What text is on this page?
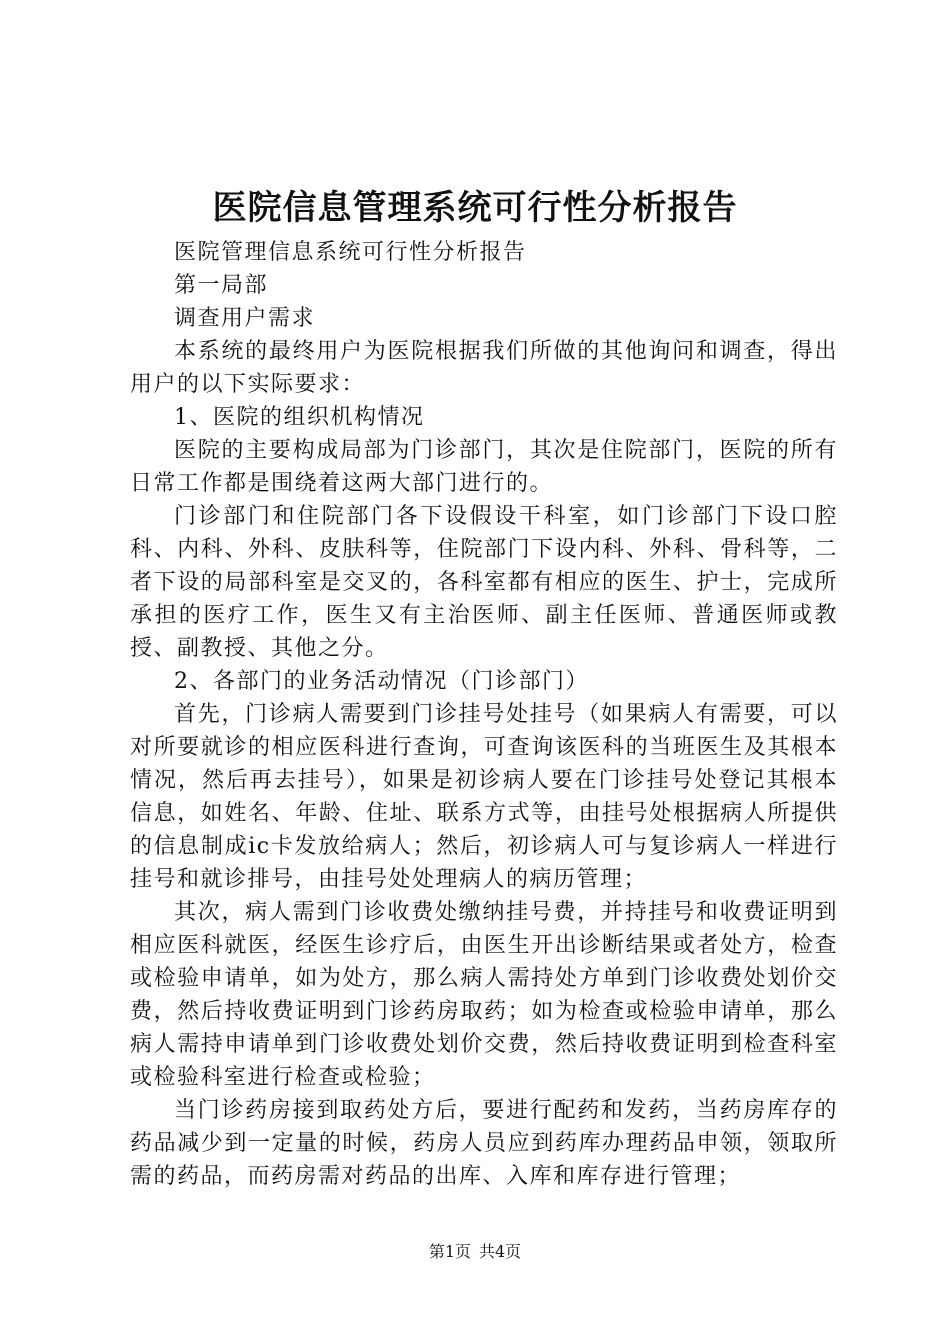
医院信息管理系统可行性分析报告

医院管理信息系统可行性分析报告

第一局部

调查用户需求

本系统的最终用户为医院根据我们所做的其他询问和调查，得出用户的以下实际要求：

1、医院的组织机构情况

医院的主要构成局部为门诊部门，其次是住院部门，医院的所有日常工作都是围绕着这两大部门进行的。

门诊部门和住院部门各下设假设干科室，如门诊部门下设口腔科、内科、外科、皮肤科等，住院部门下设内科、外科、骨科等，二者下设的局部科室是交叉的，各科室都有相应的医生、护士，完成所承担的医疗工作，医生又有主治医师、副主任医师、普通医师或教授、副教授、其他之分。

2、各部门的业务活动情况（门诊部门）

首先，门诊病人需要到门诊挂号处挂号（如果病人有需要，可以对所要就诊的相应医科进行查询，可查询该医科的当班医生及其根本情况，然后再去挂号），如果是初诊病人要在门诊挂号处登记其根本信息，如姓名、年龄、住址、联系方式等，由挂号处根据病人所提供的信息制成ic卡发放给病人；然后，初诊病人可与复诊病人一样进行挂号和就诊排号，由挂号处处理病人的病历管理；

其次，病人需到门诊收费处缴纳挂号费，并持挂号和收费证明到相应医科就医，经医生诊疗后，由医生开出诊断结果或者处方，检查或检验申请单，如为处方，那么病人需持处方单到门诊收费处划价交费，然后持收费证明到门诊药房取药；如为检查或检验申请单，那么病人需持申请单到门诊收费处划价交费，然后持收费证明到检查科室或检验科室进行检查或检验；

当门诊药房接到取药处方后，要进行配药和发药，当药房库存的药品减少到一定量的时候，药房人员应到药库办理药品申领，领取所需的药品，而药房需对药品的出库、入库和库存进行管理；

第1页 共4页
